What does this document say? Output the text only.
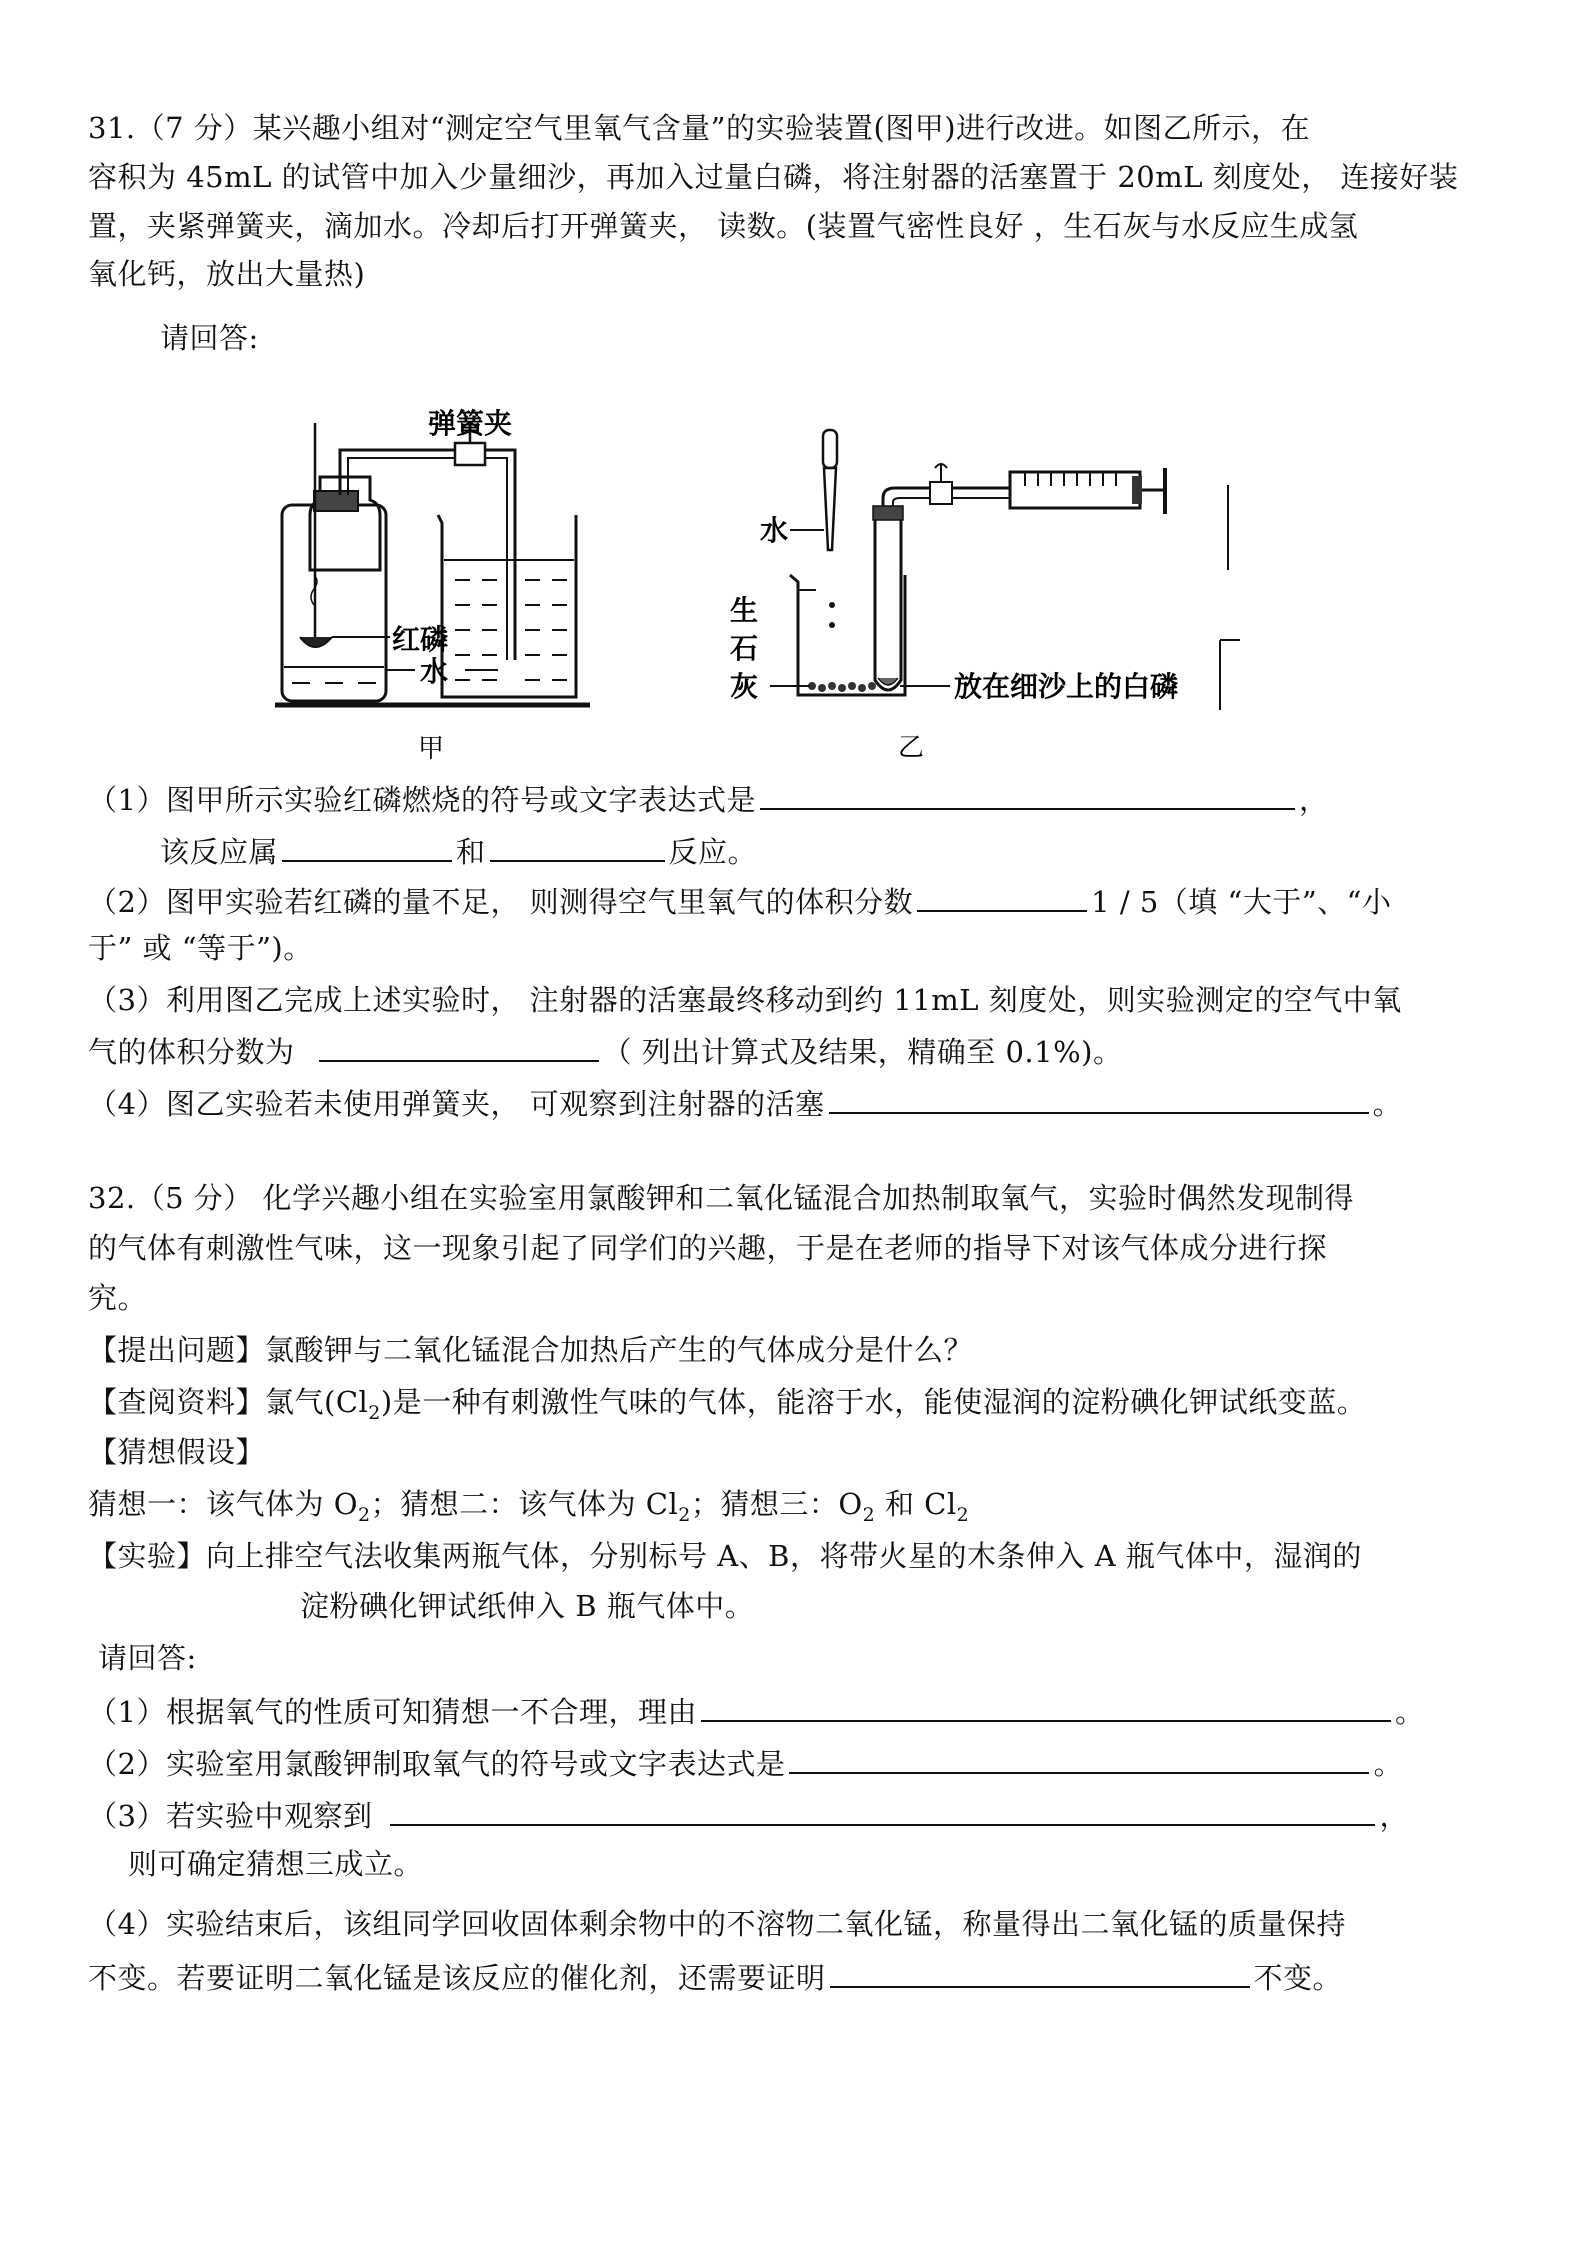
31.（7 分）某兴趣小组对“测定空气里氧气含量”的实验装置(图甲)进行改进。如图乙所示，在
容积为 45mL 的试管中加入少量细沙，再加入过量白磷，将注射器的活塞置于 20mL 刻度处， 连接好装
置，夹紧弹簧夹，滴加水。冷却后打开弹簧夹， 读数。(装置气密性良好 ，生石灰与水反应生成氢
氧化钙，放出大量热)
请回答:
弹簧夹
红磷
水
甲
水
生
石
灰	放在细沙上的白磷
乙
（1）图甲所示实验红磷燃烧的符号或文字表达式是	，
该反应属	和	反应。
（2）图甲实验若红磷的量不足， 则测得空气里氧气的体积分数	1 / 5（填 “大于”、“小
于” 或 “等于”)。
（3）利用图乙完成上述实验时， 注射器的活塞最终移动到约 11mL 刻度处，则实验测定的空气中氧
气的体积分数为	（ 列出计算式及结果，精确至 0.1%)。
（4）图乙实验若未使用弹簧夹， 可观察到注射器的活塞	。
32.（5 分） 化学兴趣小组在实验室用氯酸钾和二氧化锰混合加热制取氧气，实验时偶然发现制得
的气体有刺激性气味，这一现象引起了同学们的兴趣，于是在老师的指导下对该气体成分进行探
究。
【提出问题】氯酸钾与二氧化锰混合加热后产生的气体成分是什么？
【查阅资料】氯气$(Cl_2)$是一种有刺激性气味的气体，能溶于水，能使湿润的淀粉碘化钾试纸变蓝。
【猜想假设】
猜想一：该气体为 $O_2$；猜想二：该气体为 $Cl_2$；猜想三：$O_2$ 和 $Cl_2$
【实验】向上排空气法收集两瓶气体，分别标号 A、B，将带火星的木条伸入 A 瓶气体中，湿润的
淀粉碘化钾试纸伸入 B 瓶气体中。
请回答:
（1）根据氧气的性质可知猜想一不合理，理由	。
（2）实验室用氯酸钾制取氧气的符号或文字表达式是	。
（3）若实验中观察到	，
则可确定猜想三成立。
（4）实验结束后，该组同学回收固体剩余物中的不溶物二氧化锰，称量得出二氧化锰的质量保持
不变。若要证明二氧化锰是该反应的催化剂，还需要证明	不变。
